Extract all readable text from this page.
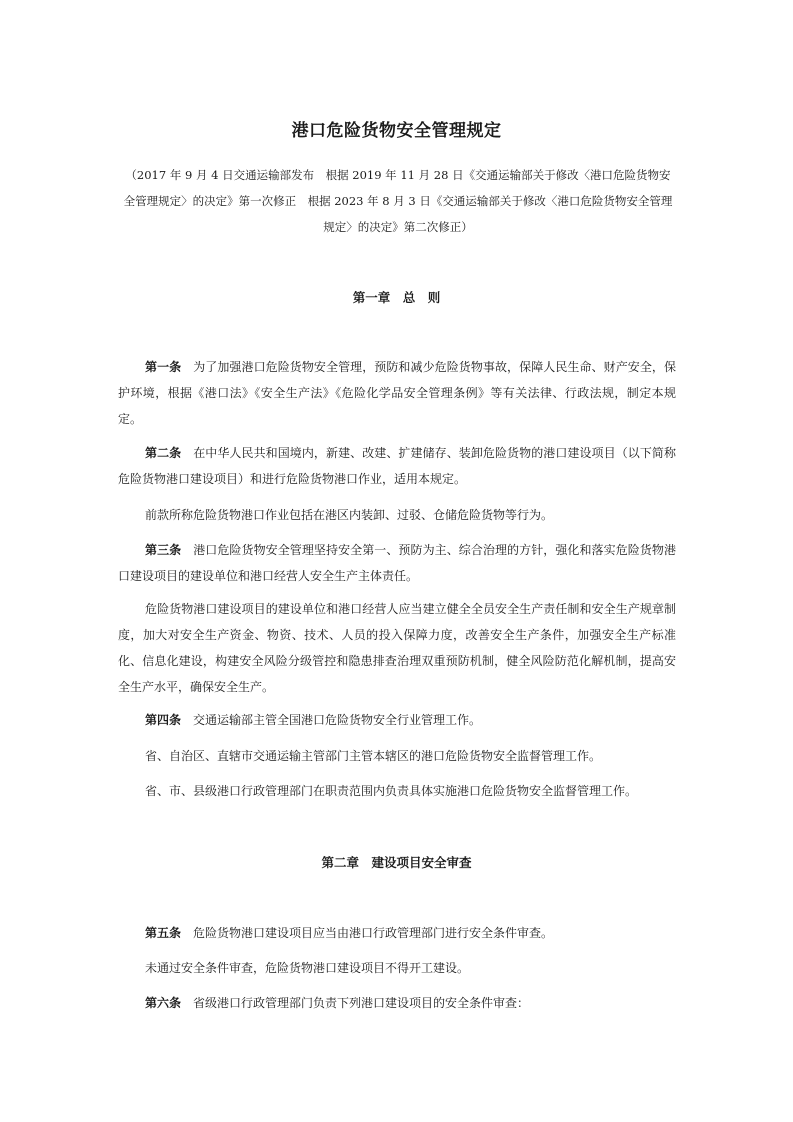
港口危险货物安全管理规定
（2017 年 9 月 4 日交通运输部发布　根据 2019 年 11 月 28 日《交通运输部关于修改〈港口危险货物安全管理规定〉的决定》第一次修正　根据 2023 年 8 月 3 日《交通运输部关于修改〈港口危险货物安全管理规定〉的决定》第二次修正）
第一章　总　则
第一条 为了加强港口危险货物安全管理，预防和减少危险货物事故，保障人民生命、财产安全，保护环境，根据《港口法》《安全生产法》《危险化学品安全管理条例》等有关法律、行政法规，制定本规定。
第二条 在中华人民共和国境内，新建、改建、扩建储存、装卸危险货物的港口建设项目（以下简称危险货物港口建设项目）和进行危险货物港口作业，适用本规定。
前款所称危险货物港口作业包括在港区内装卸、过驳、仓储危险货物等行为。
第三条 港口危险货物安全管理坚持安全第一、预防为主、综合治理的方针，强化和落实危险货物港口建设项目的建设单位和港口经营人安全生产主体责任。
危险货物港口建设项目的建设单位和港口经营人应当建立健全全员安全生产责任制和安全生产规章制度，加大对安全生产资金、物资、技术、人员的投入保障力度，改善安全生产条件，加强安全生产标准化、信息化建设，构建安全风险分级管控和隐患排查治理双重预防机制，健全风险防范化解机制，提高安全生产水平，确保安全生产。
第四条 交通运输部主管全国港口危险货物安全行业管理工作。
省、自治区、直辖市交通运输主管部门主管本辖区的港口危险货物安全监督管理工作。
省、市、县级港口行政管理部门在职责范围内负责具体实施港口危险货物安全监督管理工作。
第二章　建设项目安全审查
第五条 危险货物港口建设项目应当由港口行政管理部门进行安全条件审查。
未通过安全条件审查，危险货物港口建设项目不得开工建设。
第六条 省级港口行政管理部门负责下列港口建设项目的安全条件审查：
